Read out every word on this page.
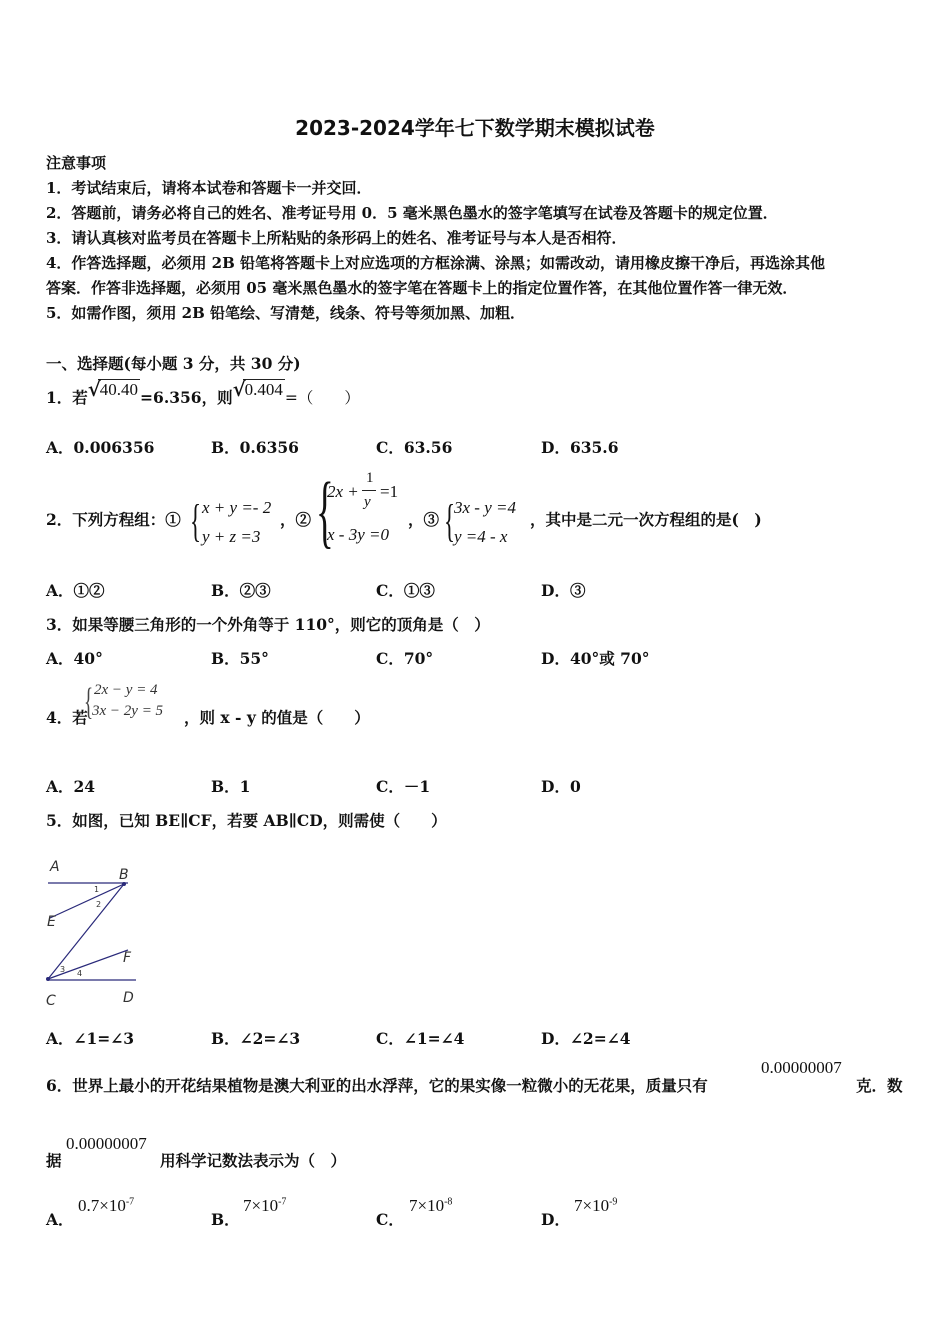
2023-2024学年七下数学期末模拟试卷
注意事项
1．考试结束后，请将本试卷和答题卡一并交回．
2．答题前，请务必将自己的姓名、准考证号用 0．5 毫米黑色墨水的签字笔填写在试卷及答题卡的规定位置．
3．请认真核对监考员在答题卡上所粘贴的条形码上的姓名、准考证号与本人是否相符．
4．作答选择题，必须用 2B 铅笔将答题卡上对应选项的方框涂满、涂黑；如需改动，请用橡皮擦干净后，再选涂其他
答案．作答非选择题，必须用 05 毫米黑色墨水的签字笔在答题卡上的指定位置作答，在其他位置作答一律无效．
5．如需作图，须用 2B 铅笔绘、写清楚，线条、符号等须加黑、加粗．
一、选择题(每小题 3 分，共 30 分)
1．若 √
40.40 =6.356，则 √
0.404 =（　　）
A．0.006356	B．0.6356	C．63.56	D．635.6
2．下列方程组：① { x + y =- 2
y + z =3
，② {
2x +
1
y
=1
x - 3y =0
，③ {
3x - y =4
y =4 - x
，其中是二元一次方程组的是(　)
A．①②	B．②③	C．①③	D．③
3．如果等腰三角形的一个外角等于 110°，则它的顶角是（　）
A．40°	B．55°	C．70°	D．40°或 70°
4．若
{ 2x − y = 4
3x − 2y = 5 ，则 x - y 的值是（　　）
A．24	B．1	C．－1	D．0
5．如图，已知 BE∥CF，若要 AB∥CD，则需使（　　）
A	B
E
F
C	D
1
2
3 4
A．∠1=∠3	B．∠2=∠3	C．∠1=∠4	D．∠2=∠4
6．世界上最小的开花结果植物是澳大利亚的出水浮萍，它的果实像一粒微小的无花果，质量只有
0.00000007
克．数
据
0.00000007
用科学记数法表示为（　）
A．
$0.7\times 10^{-7}$
B．
$7\times 10^{-7}$
C．
$7\times 10^{-8}$
D．
$7\times 10^{-9}$
